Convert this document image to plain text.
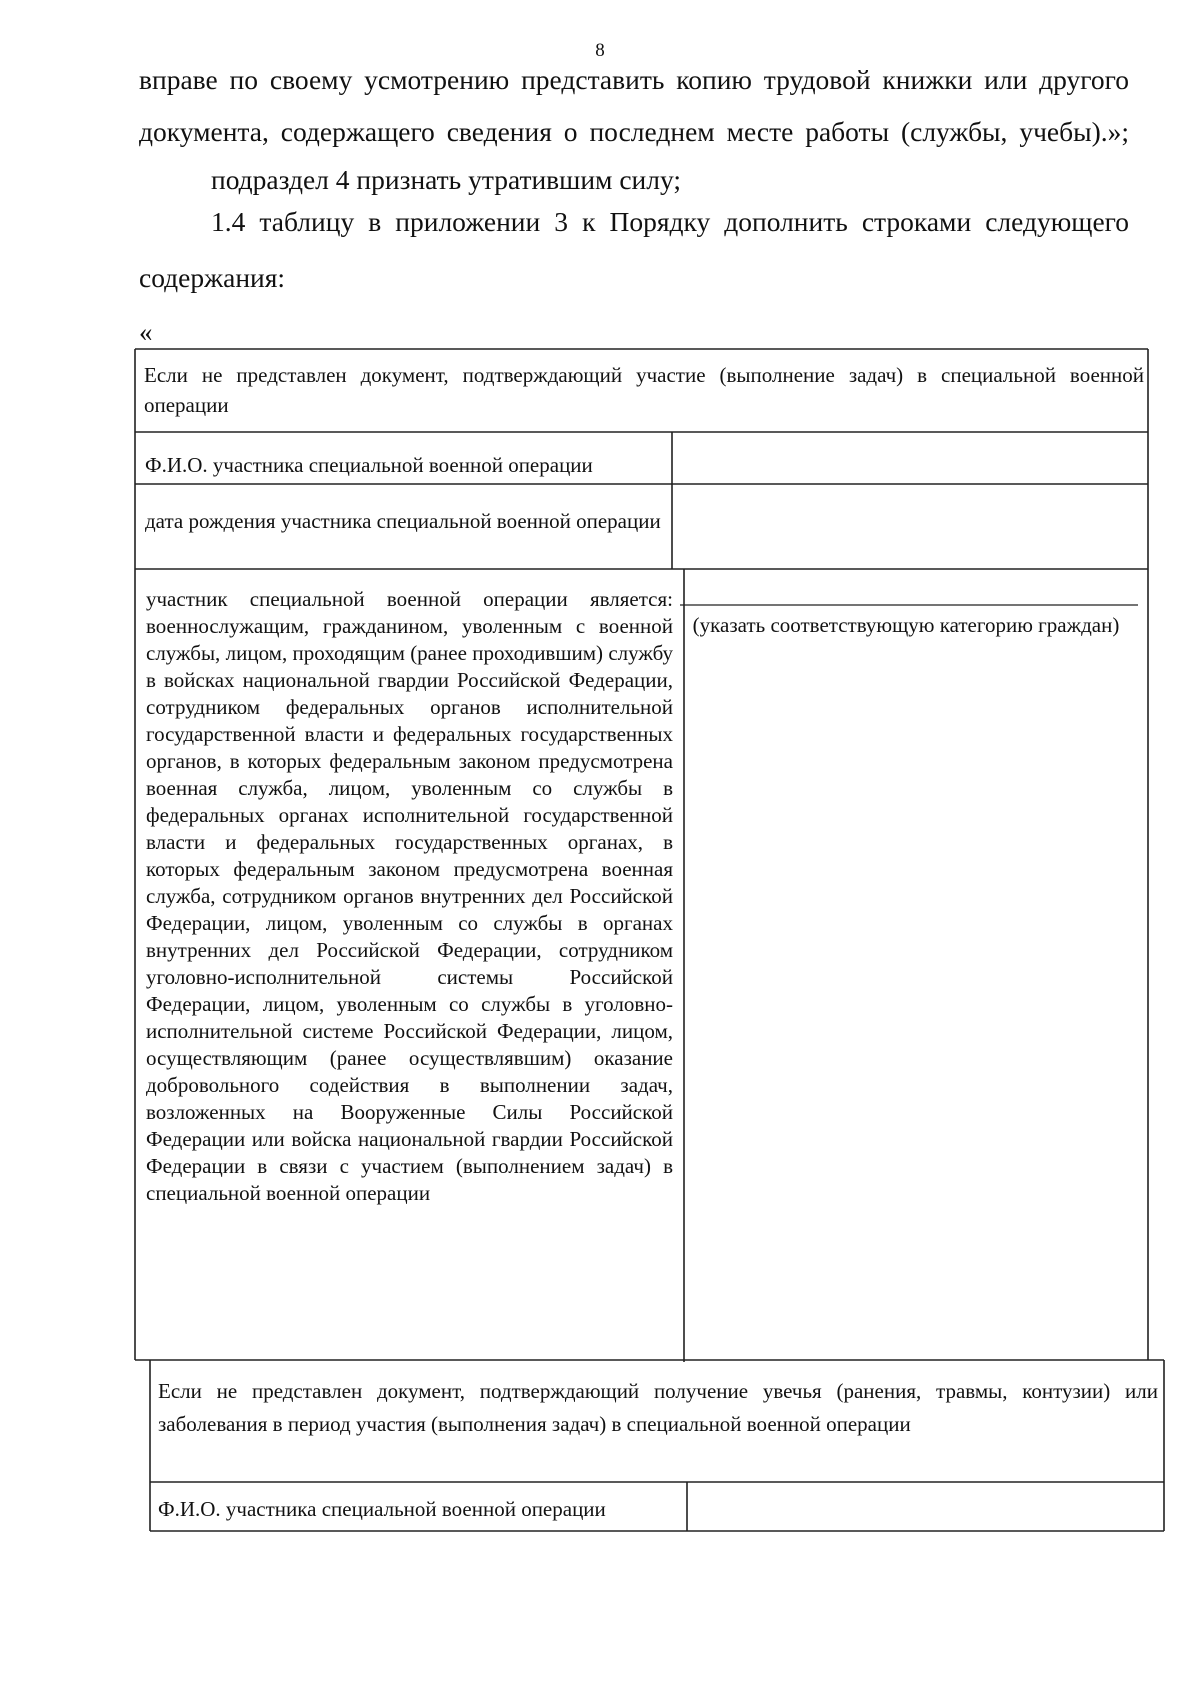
8

вправе по своему усмотрению представить копию трудовой книжки или другого

документа, содержащего сведения о последнем месте работы (службы, учебы).»;

подраздел 4 признать утратившим силу;

1.4 таблицу в приложении 3 к Порядку дополнить строками следующего

содержания:

«

Если не представлен документ, подтверждающий участие (выполнение задач) в специальной военной операции

Ф.И.О. участника специальной военной операции

дата рождения участника специальной военной операции

участник специальной военной операции является: военнослужащим, гражданином, уволенным с военной службы, лицом, проходящим (ранее проходившим) службу в войсках национальной гвардии Российской Федерации, сотрудником федеральных органов исполнительной государственной власти и федеральных государственных органов, в которых федеральным законом предусмотрена военная служба, лицом, уволенным со службы в федеральных органах исполнительной государственной власти и федеральных государственных органах, в которых федеральным законом предусмотрена военная служба, сотрудником органов внутренних дел Российской Федерации, лицом, уволенным со службы в органах внутренних дел Российской Федерации, сотрудником уголовно-исполнительной системы Российской Федерации, лицом, уволенным со службы в уголовно-исполнительной системе Российской Федерации, лицом, осуществляющим (ранее осуществлявшим) оказание добровольного содействия в выполнении задач, возложенных на Вооруженные Силы Российской Федерации или войска национальной гвардии Российской Федерации в связи с участием (выполнением задач) в специальной военной операции

(указать соответствующую категорию граждан)

Если не представлен документ, подтверждающий получение увечья (ранения, травмы, контузии) или заболевания в период участия (выполнения задач) в специальной военной операции

Ф.И.О. участника специальной военной операции
